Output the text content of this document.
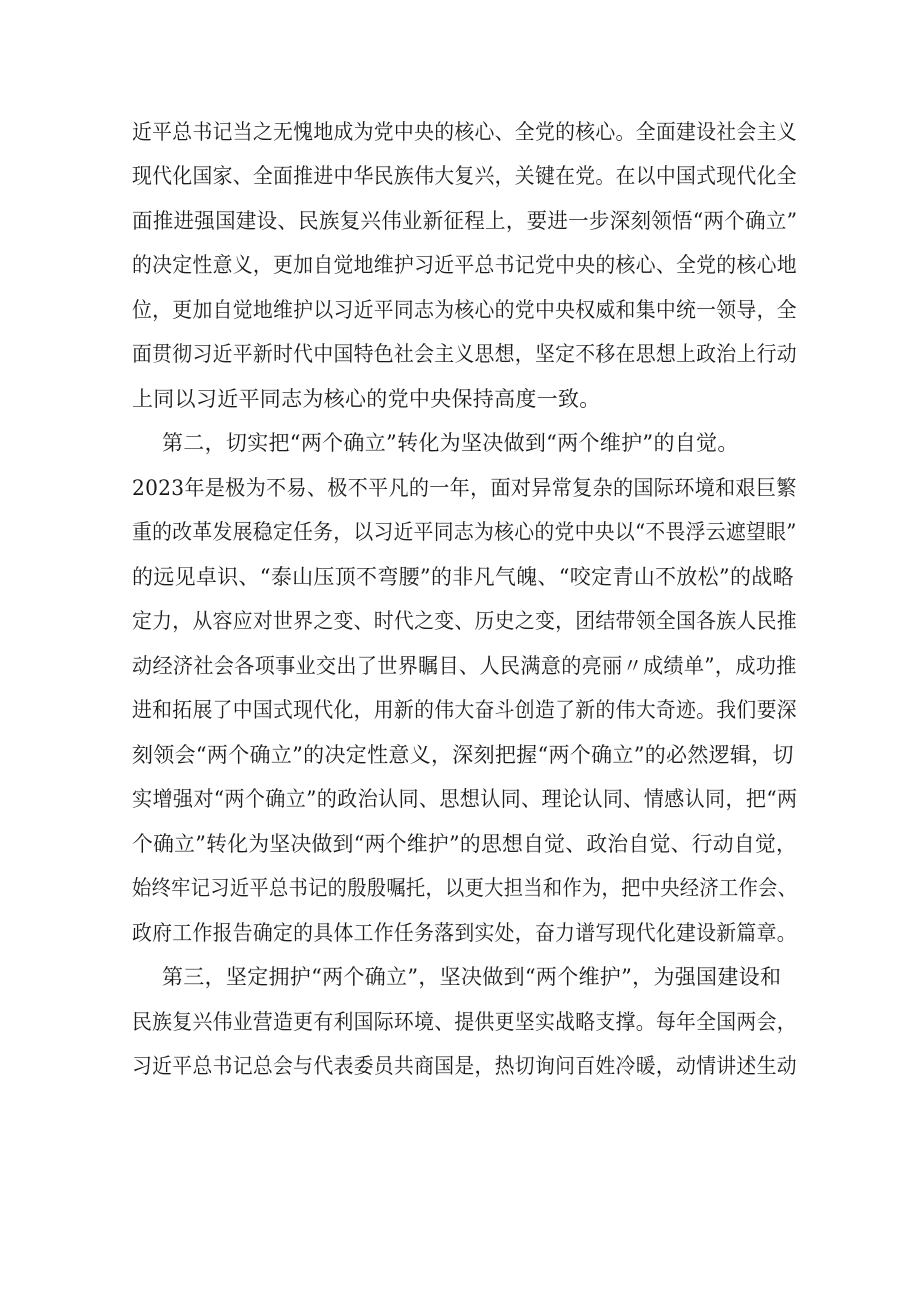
近平总书记当之无愧地成为党中央的核心、全党的核心。全面建设社会主义
现代化国家、全面推进中华民族伟大复兴，关键在党。在以中国式现代化全
面推进强国建设、民族复兴伟业新征程上，要进一步深刻领悟“两个确立”
的决定性意义，更加自觉地维护习近平总书记党中央的核心、全党的核心地
位，更加自觉地维护以习近平同志为核心的党中央权威和集中统一领导，全
面贯彻习近平新时代中国特色社会主义思想，坚定不移在思想上政治上行动
上同以习近平同志为核心的党中央保持高度一致。
第二，切实把“两个确立”转化为坚决做到“两个维护”的自觉。
2023年是极为不易、极不平凡的一年，面对异常复杂的国际环境和艰巨繁
重的改革发展稳定任务，以习近平同志为核心的党中央以“不畏浮云遮望眼”
的远见卓识、“泰山压顶不弯腰”的非凡气魄、“咬定青山不放松”的战略
定力，从容应对世界之变、时代之变、历史之变，团结带领全国各族人民推
动经济社会各项事业交出了世界瞩目、人民满意的亮丽〃成绩单”，成功推
进和拓展了中国式现代化，用新的伟大奋斗创造了新的伟大奇迹。我们要深
刻领会“两个确立”的决定性意义，深刻把握“两个确立”的必然逻辑，切
实增强对“两个确立”的政治认同、思想认同、理论认同、情感认同，把“两
个确立”转化为坚决做到“两个维护”的思想自觉、政治自觉、行动自觉，
始终牢记习近平总书记的殷殷嘱托，以更大担当和作为，把中央经济工作会、
政府工作报告确定的具体工作任务落到实处，奋力谱写现代化建设新篇章。
第三，坚定拥护“两个确立”，坚决做到“两个维护”，为强国建设和
民族复兴伟业营造更有利国际环境、提供更坚实战略支撑。每年全国两会，
习近平总书记总会与代表委员共商国是，热切询问百姓冷暖，动情讲述生动
